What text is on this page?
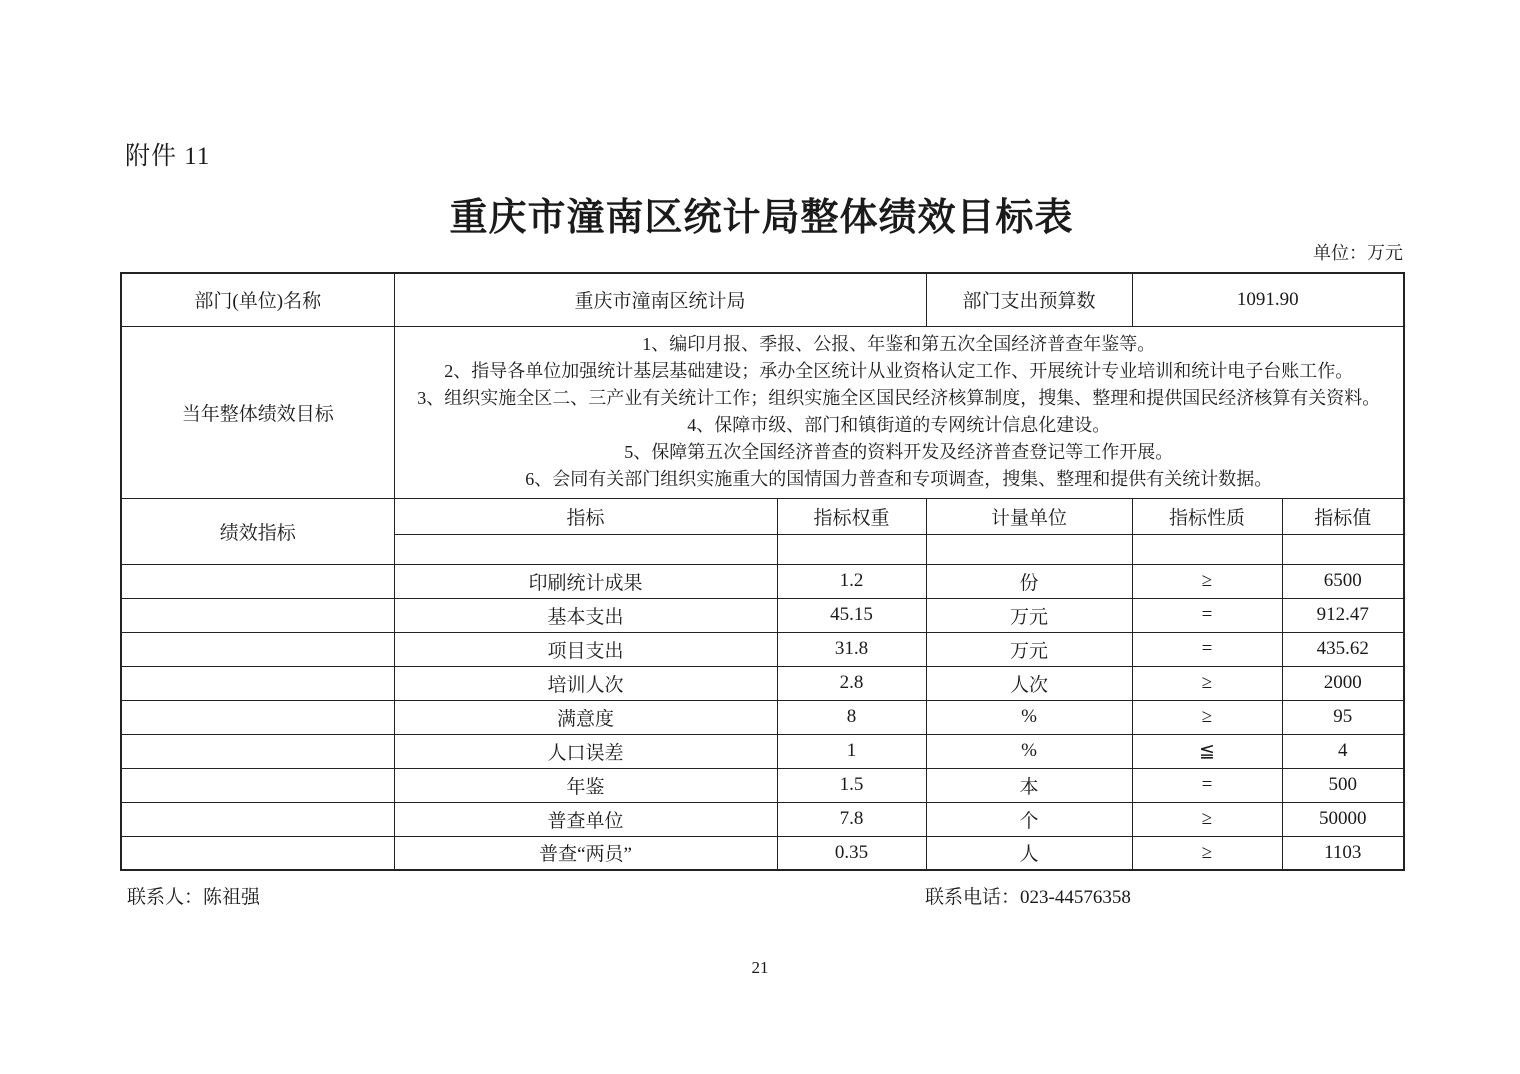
附件 11
重庆市潼南区统计局整体绩效目标表
单位：万元
部门(单位)名称	重庆市潼南区统计局		部门支出预算数	1091.90	
当年整体绩效目标	
1、编印月报、季报、公报、年鉴和第五次全国经济普查年鉴等。
2、指导各单位加强统计基层基础建设；承办全区统计从业资格认定工作、开展统计专业培训和统计电子台账工作。
3、组织实施全区二、三产业有关统计工作；组织实施全区国民经济核算制度，搜集、整理和提供国民经济核算有关资料。
4、保障市级、部门和镇街道的专网统计信息化建设。
5、保障第五次全国经济普查的资料开发及经济普查登记等工作开展。
6、会同有关部门组织实施重大的国情国力普查和专项调查，搜集、整理和提供有关统计数据。

绩效指标	指标	指标权重	计量单位	指标性质	指标值

	印刷统计成果	1.2	份	≥	6500
	基本支出	45.15	万元	=	912.47
	项目支出	31.8	万元	=	435.62
	培训人次	2.8	人次	≥	2000
	满意度	8	%	≥	95
	人口误差	1	%	≦	4
	年鉴	1.5	本	=	500
	普查单位	7.8	个	≥	50000
	普查“两员”	0.35	人	≥	1103
联系人：陈祖强	联系电话：023-44576358
21
